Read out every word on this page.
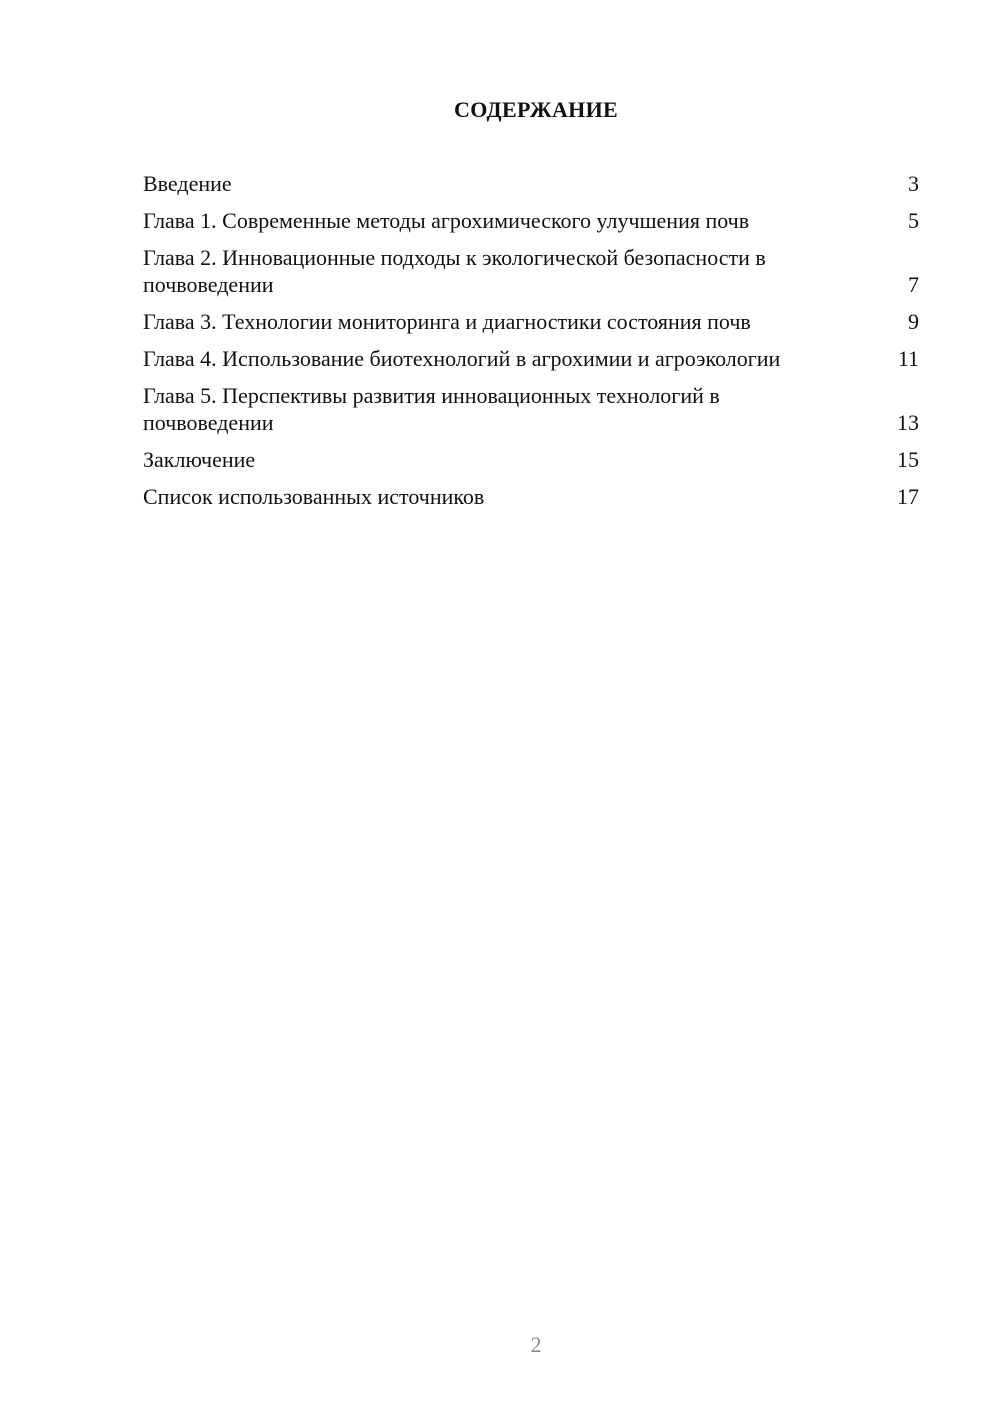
СОДЕРЖАНИЕ
Введение	3
Глава 1. Современные методы агрохимического улучшения почв	5
Глава 2. Инновационные подходы к экологической безопасности в почвоведении	7
Глава 3. Технологии мониторинга и диагностики состояния почв	9
Глава 4. Использование биотехнологий в агрохимии и агроэкологии	11
Глава 5. Перспективы развития инновационных технологий в почвоведении	13
Заключение	15
Список использованных источников	17
2
